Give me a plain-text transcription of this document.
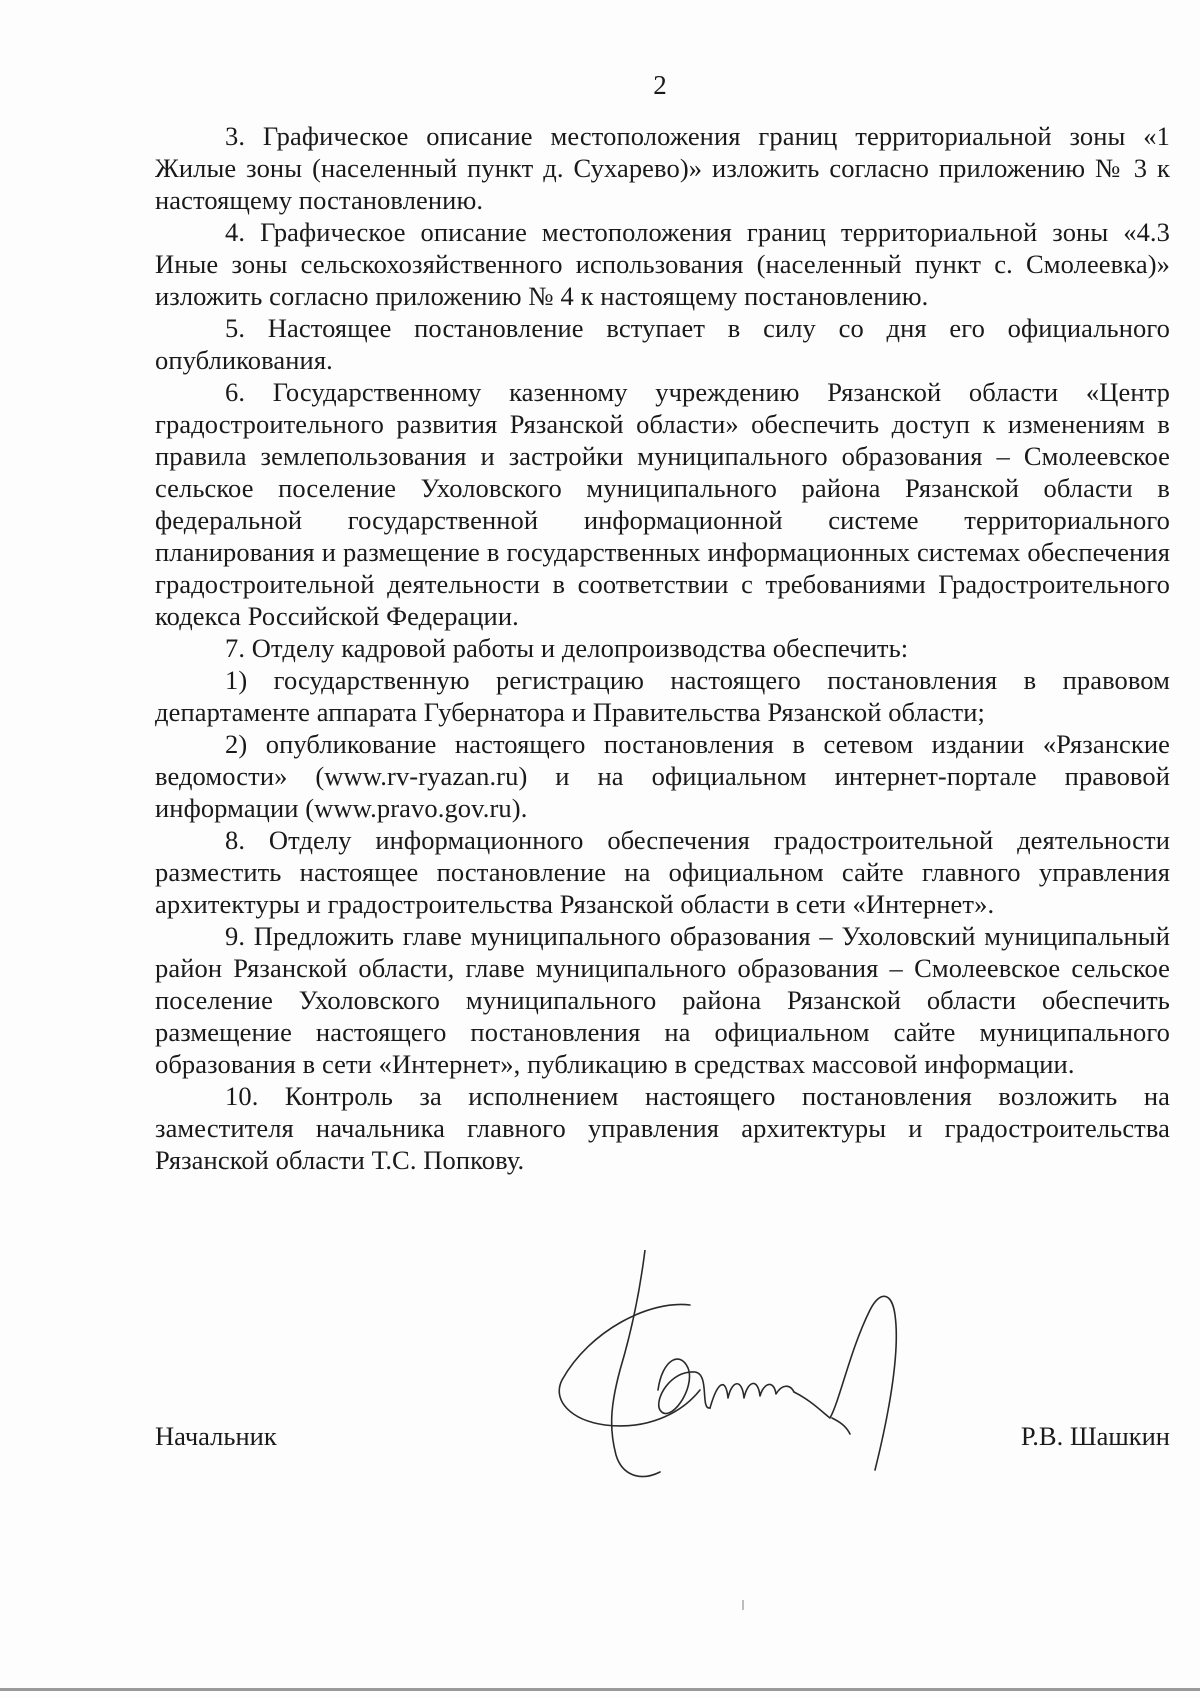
2

3. Графическое описание местоположения границ территориальной зоны «1 Жилые зоны (населенный пункт д. Сухарево)» изложить согласно приложению № 3 к настоящему постановлению.

4. Графическое описание местоположения границ территориальной зоны «4.3 Иные зоны сельскохозяйственного использования (населенный пункт с. Смолеевка)» изложить согласно приложению № 4 к настоящему постановлению.

5. Настоящее постановление вступает в силу со дня его официального опубликования.

6. Государственному казенному учреждению Рязанской области «Центр градостроительного развития Рязанской области» обеспечить доступ к изменениям в правила землепользования и застройки муниципального образования – Смолеевское сельское поселение Ухоловского муниципального района Рязанской области в федеральной государственной информационной системе территориального планирования и размещение в государственных информационных системах обеспечения градостроительной деятельности в соответствии с требованиями Градостроительного кодекса Российской Федерации.

7. Отделу кадровой работы и делопроизводства обеспечить:

1) государственную регистрацию настоящего постановления в правовом департаменте аппарата Губернатора и Правительства Рязанской области;

2) опубликование настоящего постановления в сетевом издании «Рязанские ведомости» (www.rv-ryazan.ru) и на официальном интернет-портале правовой информации (www.pravo.gov.ru).

8. Отделу информационного обеспечения градостроительной деятельности разместить настоящее постановление на официальном сайте главного управления архитектуры и градостроительства Рязанской области в сети «Интернет».

9. Предложить главе муниципального образования – Ухоловский муниципальный район Рязанской области, главе муниципального образования – Смолеевское сельское поселение Ухоловского муниципального района Рязанской области обеспечить размещение настоящего постановления на официальном сайте муниципального образования в сети «Интернет», публикацию в средствах массовой информации.

10. Контроль за исполнением настоящего постановления возложить на заместителя начальника главного управления архитектуры и градостроительства Рязанской области Т.С. Попкову.

Начальник	Р.В. Шашкин
